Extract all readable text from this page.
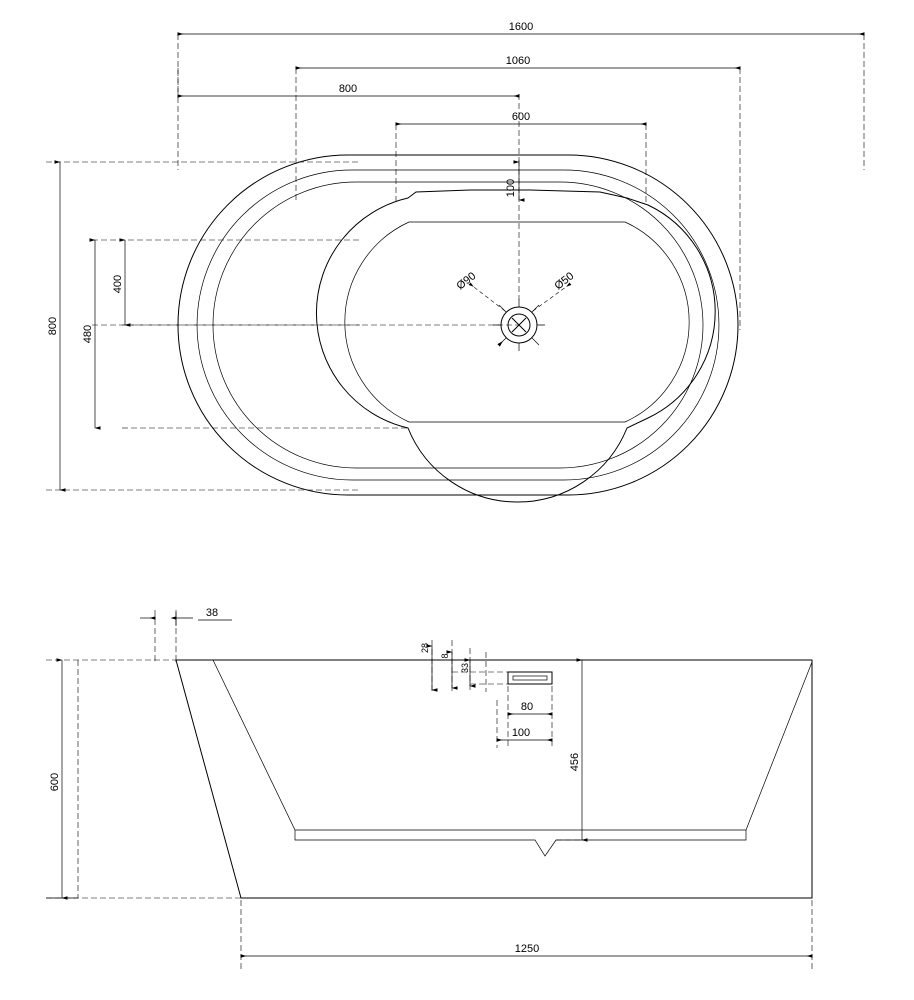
Ø90	Ø50
1600
1060
800
600
100
800 480
400
38
28
8
33
80
100
456
600
1250
